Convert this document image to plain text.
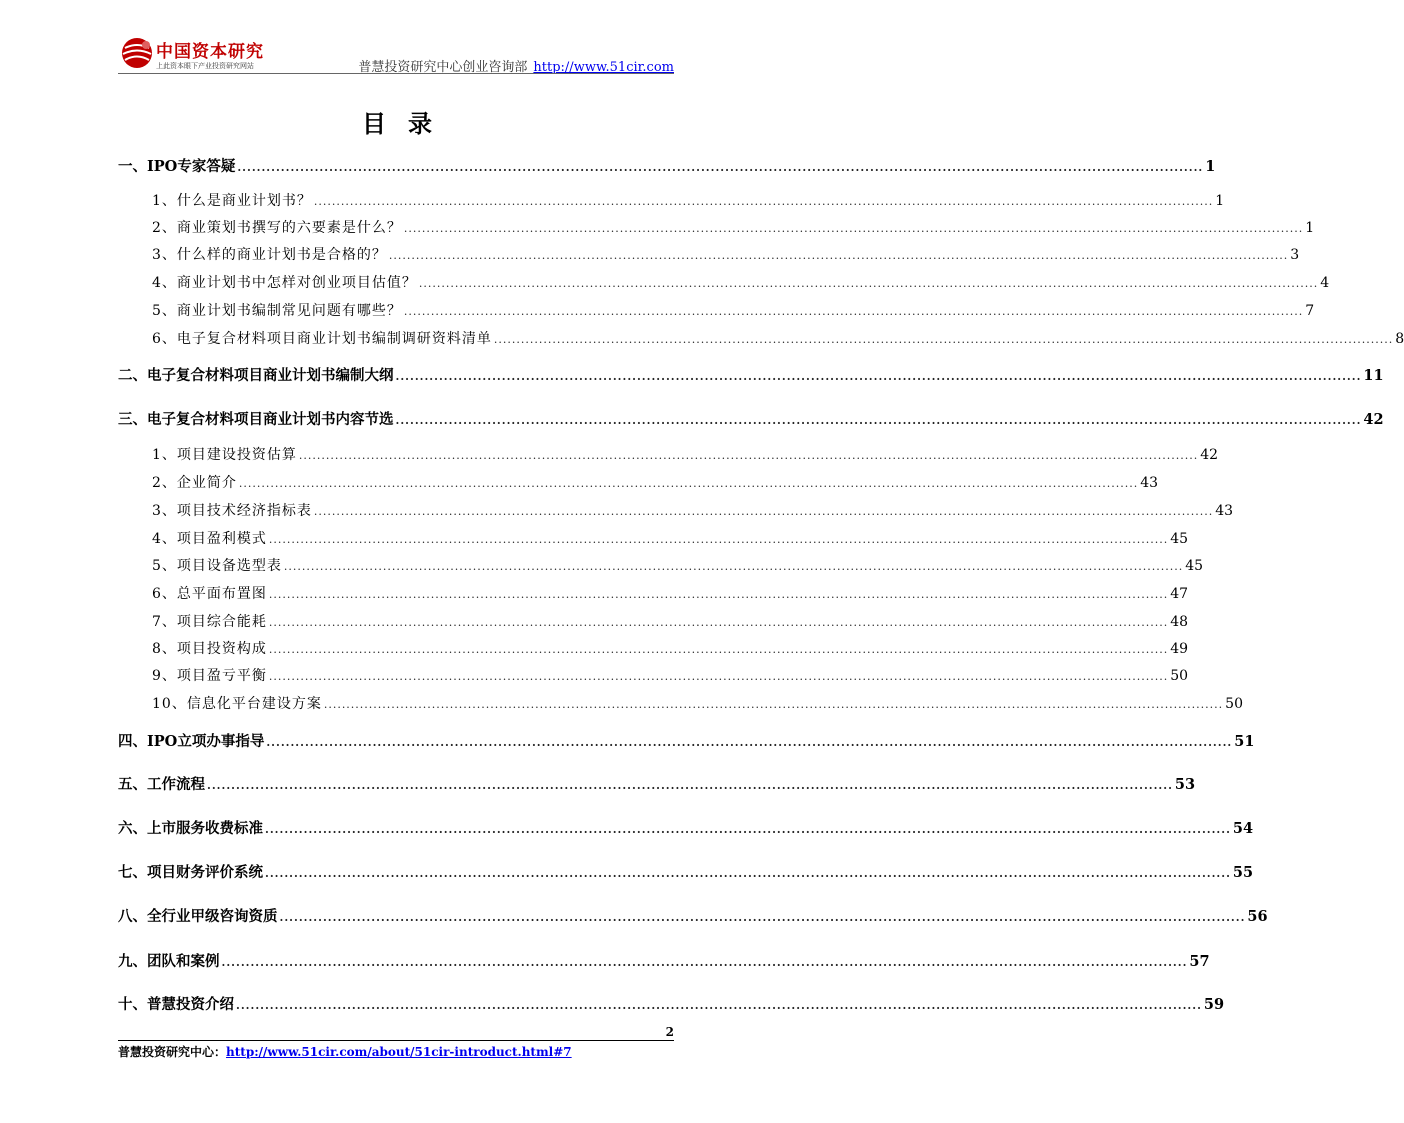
中国资本研究
上此资本眼下产业投资研究网站	普慧投资研究中心创业咨询部 http://www.51cir.com
目录
一、IPO专家答疑 ........................................................................................................................................................................................................ 1
1、什么是商业计划书？ ........................................................................................................................................................................................................ 1
2、商业策划书撰写的六要素是什么？ ........................................................................................................................................................................................................ 1
3、什么样的商业计划书是合格的？ ........................................................................................................................................................................................................ 3
4、商业计划书中怎样对创业项目估值？ ........................................................................................................................................................................................................ 4
5、商业计划书编制常见问题有哪些？ ........................................................................................................................................................................................................ 7
6、电子复合材料项目商业计划书编制调研资料清单 ........................................................................................................................................................................................................ 8
二、电子复合材料项目商业计划书编制大纲 ........................................................................................................................................................................................................ 11
三、电子复合材料项目商业计划书内容节选 ........................................................................................................................................................................................................ 42
1、项目建设投资估算 ........................................................................................................................................................................................................ 42
2、企业简介 ........................................................................................................................................................................................................ 43
3、项目技术经济指标表 ........................................................................................................................................................................................................ 43
4、项目盈利模式 ........................................................................................................................................................................................................ 45
5、项目设备选型表 ........................................................................................................................................................................................................ 45
6、总平面布置图 ........................................................................................................................................................................................................ 47
7、项目综合能耗 ........................................................................................................................................................................................................ 48
8、项目投资构成 ........................................................................................................................................................................................................ 49
9、项目盈亏平衡 ........................................................................................................................................................................................................ 50
10、信息化平台建设方案 ........................................................................................................................................................................................................ 50
四、IPO立项办事指导 ........................................................................................................................................................................................................ 51
五、工作流程 ........................................................................................................................................................................................................ 53
六、上市服务收费标准 ........................................................................................................................................................................................................ 54
七、项目财务评价系统 ........................................................................................................................................................................................................ 55
八、全行业甲级咨询资质 ........................................................................................................................................................................................................ 56
九、团队和案例 ........................................................................................................................................................................................................ 57
十、普慧投资介绍 ........................................................................................................................................................................................................ 59
2
普慧投资研究中心：http://www.51cir.com/about/51cir-introduct.html#7
